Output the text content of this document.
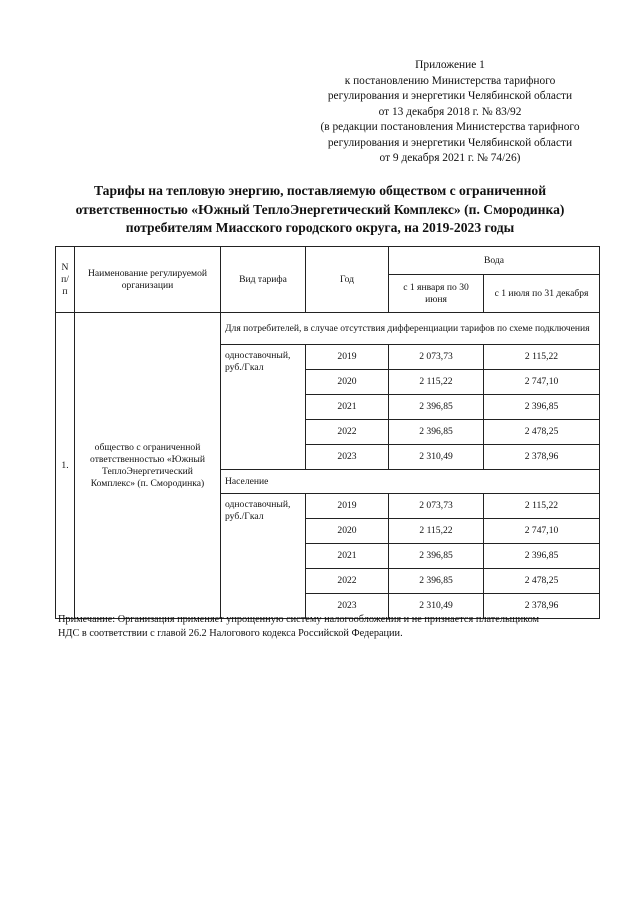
Приложение 1
к постановлению Министерства тарифного
регулирования и энергетики Челябинской области
от 13 декабря 2018 г. № 83/92
(в редакции постановления Министерства тарифного
регулирования и энергетики Челябинской области
от 9 декабря 2021 г. № 74/26)
Тарифы на тепловую энергию, поставляемую обществом с ограниченной
ответственностью «Южный ТеплоЭнергетический Комплекс» (п. Смородинка)
потребителям Миасского городского округа, на 2019-2023 годы
N п/п	Наименование регулируемой организации	Вид тарифа	Год	Вода	
				с 1 января по 30 июня	с 1 июля по 31 декабря
1.	общество с ограниченной ответственностью «Южный ТеплоЭнергетический Комплекс» (п. Смородинка)	Для потребителей, в случае отсутствия дифференциации тарифов по схеме подключения			
		одноставочный, руб./Гкал	2019	2 073,73	2 115,22
			2020	2 115,22	2 747,10
			2021	2 396,85	2 396,85
			2022	2 396,85	2 478,25
			2023	2 310,49	2 378,96
		Население			
		одноставочный, руб./Гкал	2019	2 073,73	2 115,22
			2020	2 115,22	2 747,10
			2021	2 396,85	2 396,85
			2022	2 396,85	2 478,25
			2023	2 310,49	2 378,96
Примечание: Организация применяет упрощенную систему налогообложения и не признается плательщиком
НДС в соответствии с главой 26.2 Налогового кодекса Российской Федерации.
